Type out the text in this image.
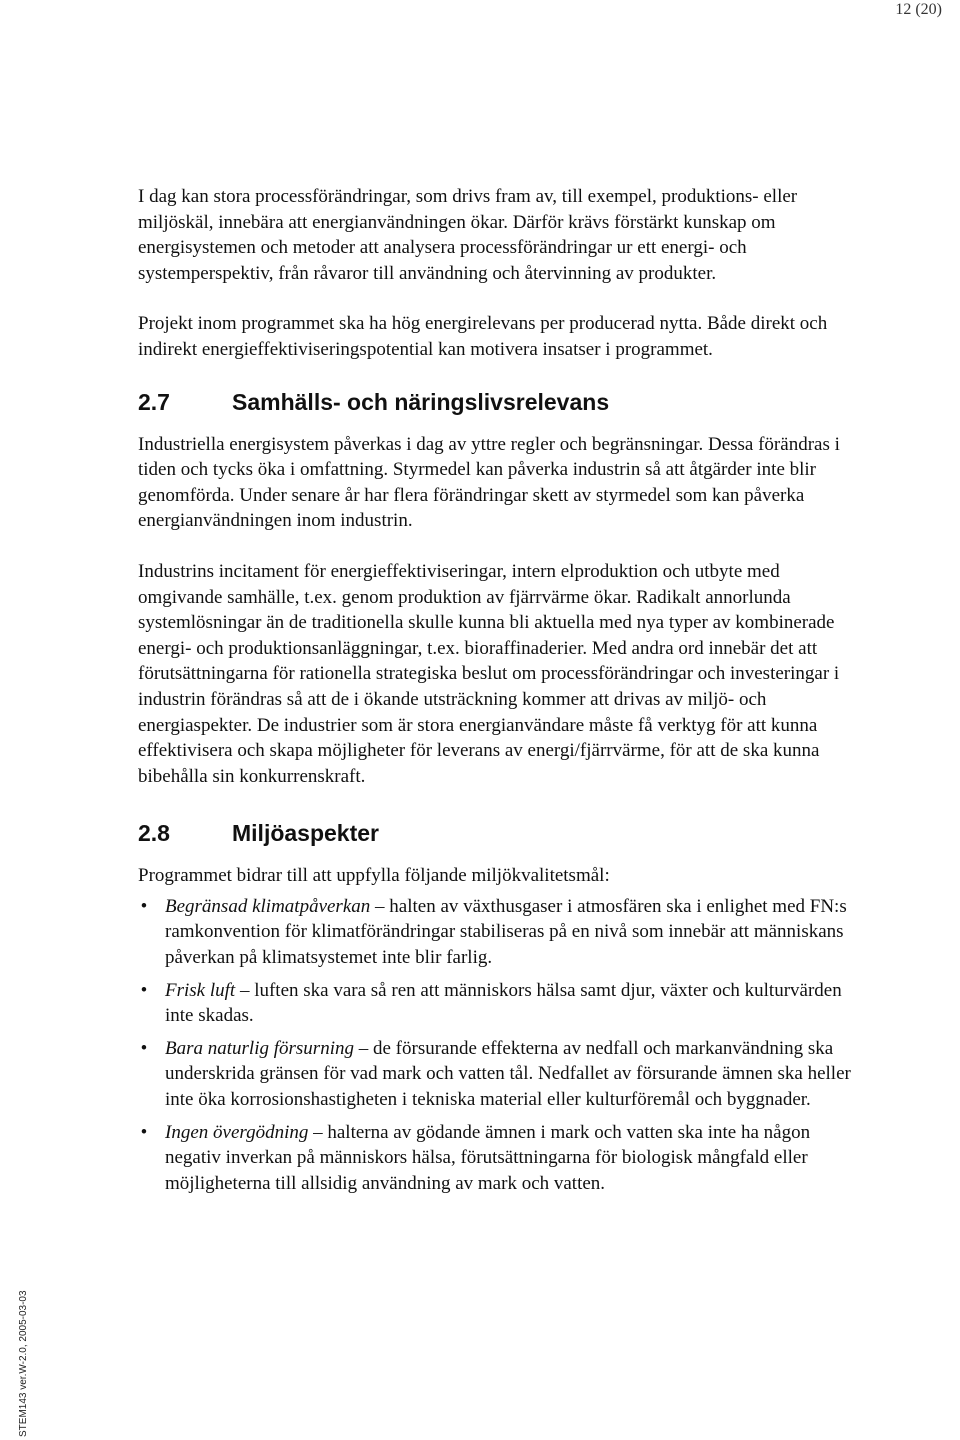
12 (20)

I dag kan stora processförändringar, som drivs fram av, till exempel, produktions- eller miljöskäl, innebära att energianvändningen ökar. Därför krävs förstärkt kunskap om energisystemen och metoder att analysera processförändringar ur ett energi- och systemperspektiv, från råvaror till användning och återvinning av produkter.

Projekt inom programmet ska ha hög energirelevans per producerad nytta. Både direkt och indirekt energieffektiviseringspotential kan motivera insatser i programmet.

2.7	Samhälls- och näringslivsrelevans

Industriella energisystem påverkas i dag av yttre regler och begränsningar. Dessa förändras i tiden och tycks öka i omfattning. Styrmedel kan påverka industrin så att åtgärder inte blir genomförda. Under senare år har flera förändringar skett av styrmedel som kan påverka energianvändningen inom industrin.

Industrins incitament för energieffektiviseringar, intern elproduktion och utbyte med omgivande samhälle, t.ex. genom produktion av fjärrvärme ökar. Radikalt annorlunda systemlösningar än de traditionella skulle kunna bli aktuella med nya typer av kombinerade energi- och produktionsanläggningar, t.ex. bioraffinaderier. Med andra ord innebär det att förutsättningarna för rationella strategiska beslut om processförändringar och investeringar i industrin förändras så att de i ökande utsträckning kommer att drivas av miljö- och energiaspekter. De industrier som är stora energianvändare måste få verktyg för att kunna effektivisera och skapa möjligheter för leverans av energi/fjärrvärme, för att de ska kunna bibehålla sin konkurrenskraft.

2.8	Miljöaspekter

Programmet bidrar till att uppfylla följande miljökvalitetsmål:

• Begränsad klimatpåverkan – halten av växthusgaser i atmosfären ska i enlighet med FN:s ramkonvention för klimatförändringar stabiliseras på en nivå som innebär att människans påverkan på klimatsystemet inte blir farlig.
• Frisk luft – luften ska vara så ren att människors hälsa samt djur, växter och kulturvärden inte skadas.
• Bara naturlig försurning – de försurande effekterna av nedfall och markanvändning ska underskrida gränsen för vad mark och vatten tål. Nedfallet av försurande ämnen ska heller inte öka korrosionshastigheten i tekniska material eller kulturföremål och byggnader.
• Ingen övergödning – halterna av gödande ämnen i mark och vatten ska inte ha någon negativ inverkan på människors hälsa, förutsättningarna för biologisk mångfald eller möjligheterna till allsidig användning av mark och vatten.
STEM143 ver.W-2.0, 2005-03-03
